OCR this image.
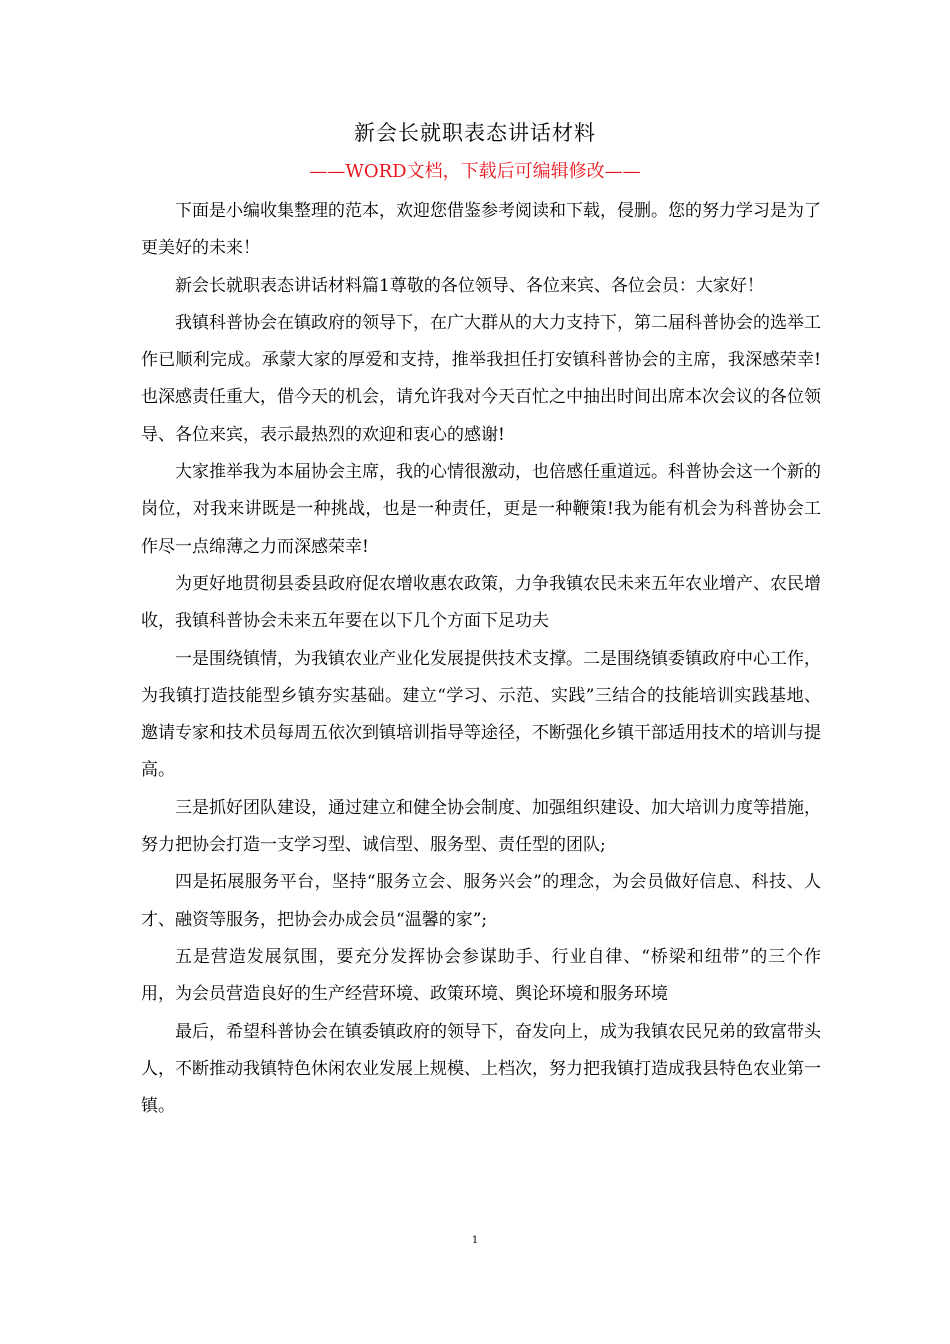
新会长就职表态讲话材料
——WORD文档，下载后可编辑修改——

下面是小编收集整理的范本，欢迎您借鉴参考阅读和下载，侵删。您的努力学习是为了更美好的未来！

新会长就职表态讲话材料篇1尊敬的各位领导、各位来宾、各位会员：大家好！

我镇科普协会在镇政府的领导下，在广大群从的大力支持下，第二届科普协会的选举工作已顺利完成。承蒙大家的厚爱和支持，推举我担任打安镇科普协会的主席，我深感荣幸!也深感责任重大，借今天的机会，请允许我对今天百忙之中抽出时间出席本次会议的各位领导、各位来宾，表示最热烈的欢迎和衷心的感谢!

大家推举我为本届协会主席，我的心情很激动，也倍感任重道远。科普协会这一个新的岗位，对我来讲既是一种挑战，也是一种责任，更是一种鞭策!我为能有机会为科普协会工作尽一点绵薄之力而深感荣幸!

为更好地贯彻县委县政府促农增收惠农政策，力争我镇农民未来五年农业增产、农民增收，我镇科普协会未来五年要在以下几个方面下足功夫

一是围绕镇情，为我镇农业产业化发展提供技术支撑。二是围绕镇委镇政府中心工作，为我镇打造技能型乡镇夯实基础。建立“学习、示范、实践”三结合的技能培训实践基地、邀请专家和技术员每周五依次到镇培训指导等途径，不断强化乡镇干部适用技术的培训与提高。

三是抓好团队建设，通过建立和健全协会制度、加强组织建设、加大培训力度等措施，努力把协会打造一支学习型、诚信型、服务型、责任型的团队;

四是拓展服务平台，坚持“服务立会、服务兴会”的理念，为会员做好信息、科技、人才、融资等服务，把协会办成会员“温馨的家”;

五是营造发展氛围，要充分发挥协会参谋助手、行业自律、“桥梁和纽带”的三个作用，为会员营造良好的生产经营环境、政策环境、舆论环境和服务环境

最后，希望科普协会在镇委镇政府的领导下，奋发向上，成为我镇农民兄弟的致富带头人，不断推动我镇特色休闲农业发展上规模、上档次，努力把我镇打造成我县特色农业第一镇。

1
